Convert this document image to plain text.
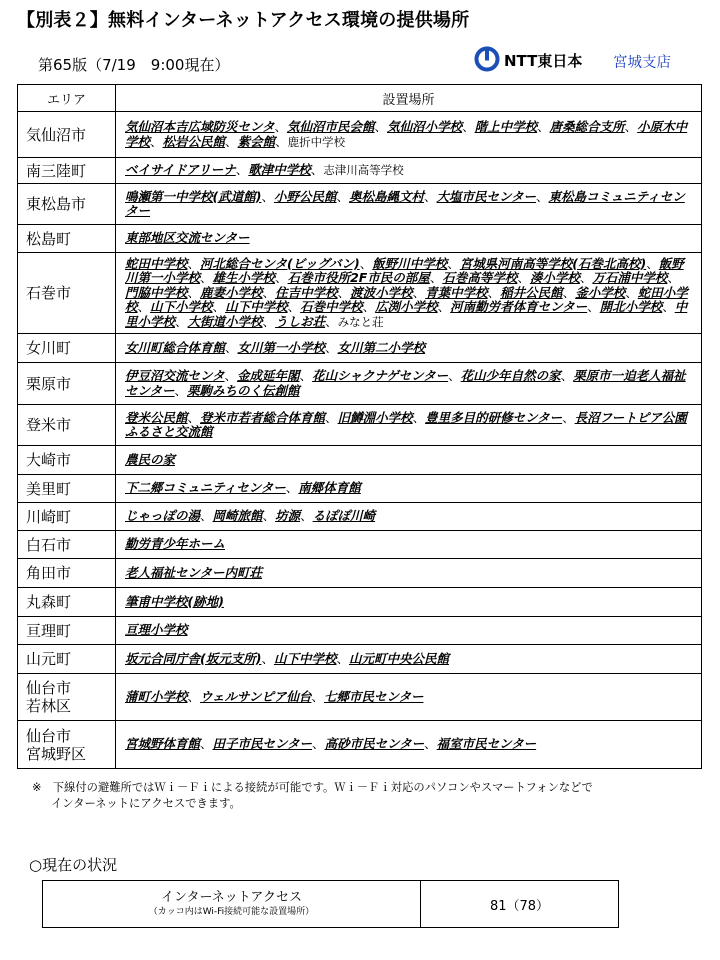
【別表２】無料インターネットアクセス環境の提供場所
第65版（7/19　9:00現在）	NTT東日本 宮城支店
エリア	設置場所
気仙沼市	気仙沼本吉広域防災センタ、気仙沼市民会館、気仙沼小学校、階上中学校、唐桑総合支所、小原木中学校、松岩公民館、紫会館、鹿折中学校
南三陸町	ベイサイドアリーナ、歌津中学校、志津川高等学校
東松島市	鳴瀬第一中学校(武道館)、小野公民館、奥松島縄文村、大塩市民センター、東松島コミュニティセンター
松島町	東部地区交流センター
石巻市	蛇田中学校、河北総合センタ(ビッグバン)、飯野川中学校、宮城県河南高等学校(石巻北高校)、飯野川第一小学校、雄生小学校、石巻市役所2F市民の部屋、石巻高等学校、湊小学校、万石浦中学校、門脇中学校、鹿妻小学校、住吉中学校、渡波小学校、青葉中学校、稲井公民館、釜小学校、蛇田小学校、山下小学校、山下中学校、石巻中学校、広渕小学校、河南勤労者体育センター、開北小学校、中里小学校、大街道小学校、うしお荘、みなと荘
女川町	女川町総合体育館、女川第一小学校、女川第二小学校
栗原市	伊豆沼交流センタ、金成延年閣、花山シャクナゲセンター、花山少年自然の家、栗原市一迫老人福祉センター、栗駒みちのく伝創館
登米市	登米公民館、登米市若者総合体育館、旧鱒淵小学校、豊里多目的研修センター、長沼フートピア公園ふるさと交流館
大崎市	農民の家
美里町	下二郷コミュニティセンター、南郷体育館
川崎町	じゃっぽの湯、岡崎旅館、坊源、るぽぽ川崎
白石市	勤労青少年ホーム
角田市	老人福祉センター内町荘
丸森町	筆甫中学校(跡地)
亘理町	亘理小学校
山元町	坂元合同庁舎(坂元支所)、山下中学校、山元町中央公民館
仙台市
若林区	蒲町小学校、ウェルサンピア仙台、七郷市民センター
仙台市
宮城野区	宮城野体育館、田子市民センター、高砂市民センター、福室市民センター
※　下線付の避難所ではＷｉ－Ｆｉによる接続が可能です。Ｗｉ－Ｆｉ対応のパソコンやスマートフォンなどで
インターネットにアクセスできます。
○現在の状況
インターネットアクセス
（カッコ内はWi-Fi接続可能な設置場所）	81（78）
